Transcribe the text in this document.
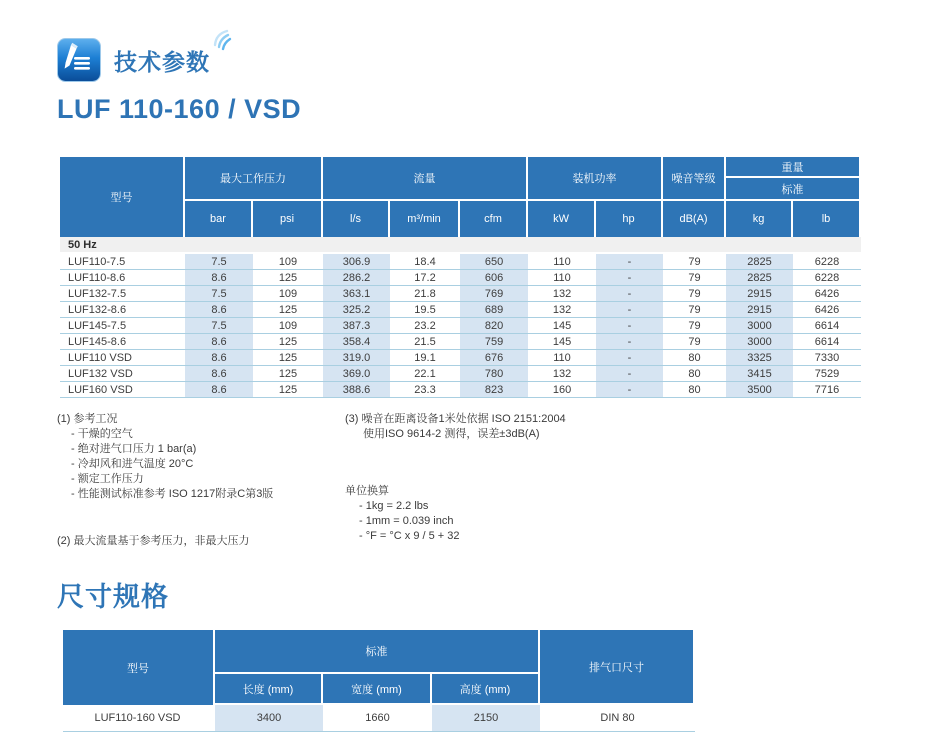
技术参数
LUF 110-160 / VSD
型号	最大工作压力		流量			装机功率		噪音等级	重量	
									标准	
	bar	psi	l/s	m³/min	cfm	kW	hp	dB(A)	kg	lb
50 Hz										
LUF110-7.5	7.5	109	306.9	18.4	650	110	-	79	2825	6228
LUF110-8.6	8.6	125	286.2	17.2	606	110	-	79	2825	6228
LUF132-7.5	7.5	109	363.1	21.8	769	132	-	79	2915	6426
LUF132-8.6	8.6	125	325.2	19.5	689	132	-	79	2915	6426
LUF145-7.5	7.5	109	387.3	23.2	820	145	-	79	3000	6614
LUF145-8.6	8.6	125	358.4	21.5	759	145	-	79	3000	6614
LUF110 VSD	8.6	125	319.0	19.1	676	110	-	80	3325	7330
LUF132 VSD	8.6	125	369.0	22.1	780	132	-	80	3415	7529
LUF160 VSD	8.6	125	388.6	23.3	823	160	-	80	3500	7716
(1) 参考工况
- 干燥的空气
- 绝对进气口压力 1 bar(a)
- 冷却风和进气温度 20°C
- 额定工作压力
- 性能测试标准参考 ISO 1217附录C第3版
(2) 最大流量基于参考压力，非最大压力
(3) 噪音在距离设备1米处依据 ISO 2151:2004
使用ISO 9614-2 测得，误差±3dB(A)
单位换算
- 1kg = 2.2 lbs
- 1mm = 0.039 inch
- °F = °C x 9 / 5 + 32
尺寸规格
型号	标准			排气口尺寸
	长度 (mm)	宽度 (mm)	高度 (mm)	
LUF110-160 VSD	3400	1660	2150	DIN 80
